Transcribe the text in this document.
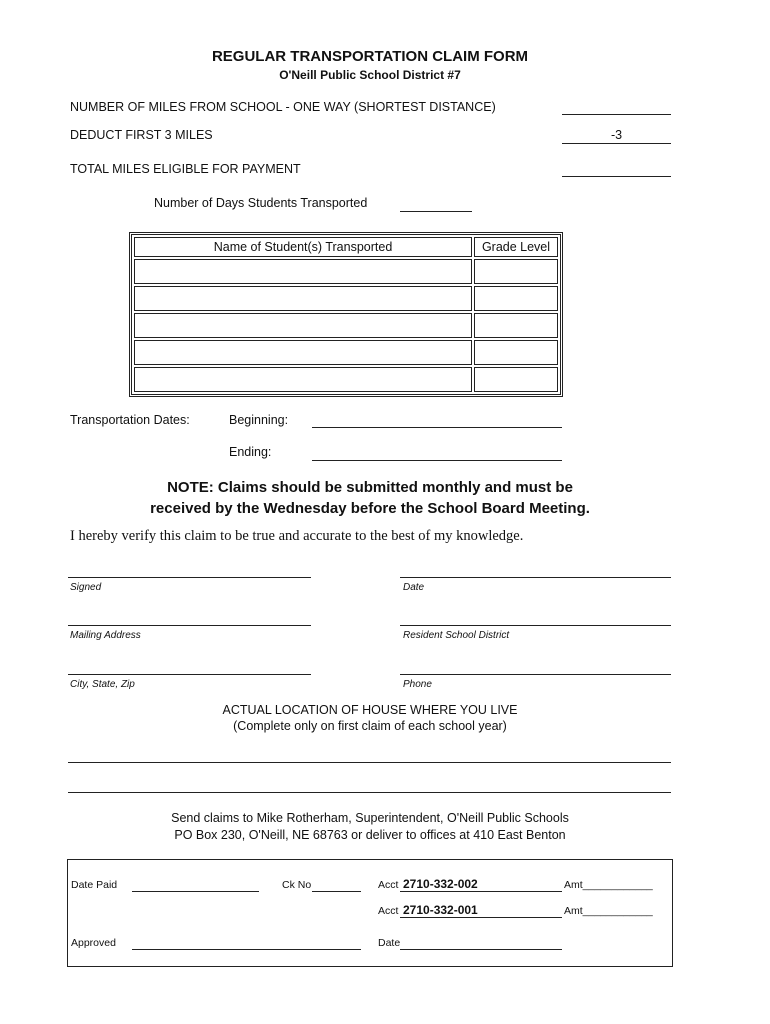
REGULAR TRANSPORTATION CLAIM FORM
O'Neill Public School District #7
NUMBER OF MILES FROM SCHOOL - ONE WAY (SHORTEST DISTANCE)
DEDUCT FIRST 3 MILES	-3
TOTAL MILES ELIGIBLE FOR PAYMENT
Number of Days Students Transported
Name of Student(s) Transported	Grade Level

Transportation Dates:	Beginning:
Ending:
NOTE: Claims should be submitted monthly and must be
received by the Wednesday before the School Board Meeting.
I hereby verify this claim to be true and accurate to the best of my knowledge.
Signed	Date
Mailing Address	Resident School District
City, State, Zip	Phone
ACTUAL LOCATION OF HOUSE WHERE YOU LIVE
(Complete only on first claim of each school year)
Send claims to Mike Rotherham, Superintendent, O'Neill Public Schools
PO Box 230, O'Neill, NE 68763 or deliver to offices at 410 East Benton
Date Paid	Ck No	Acct 2710-332-002	Amt____________
Acct 2710-332-001	Amt____________
Approved	Date
